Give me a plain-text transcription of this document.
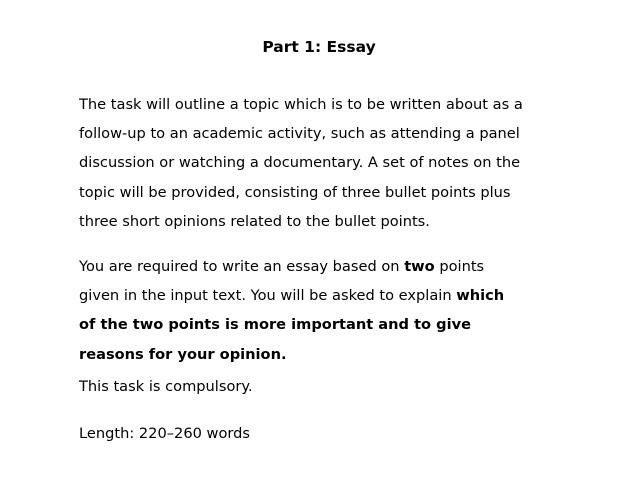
Part 1: Essay
The task will outline a topic which is to be written about as a
follow-up to an academic activity, such as attending a panel
discussion or watching a documentary. A set of notes on the
topic will be provided, consisting of three bullet points plus
three short opinions related to the bullet points.
You are required to write an essay based on two points
given in the input text. You will be asked to explain which
of the two points is more important and to give
reasons for your opinion.
This task is compulsory.
Length: 220–260 words
